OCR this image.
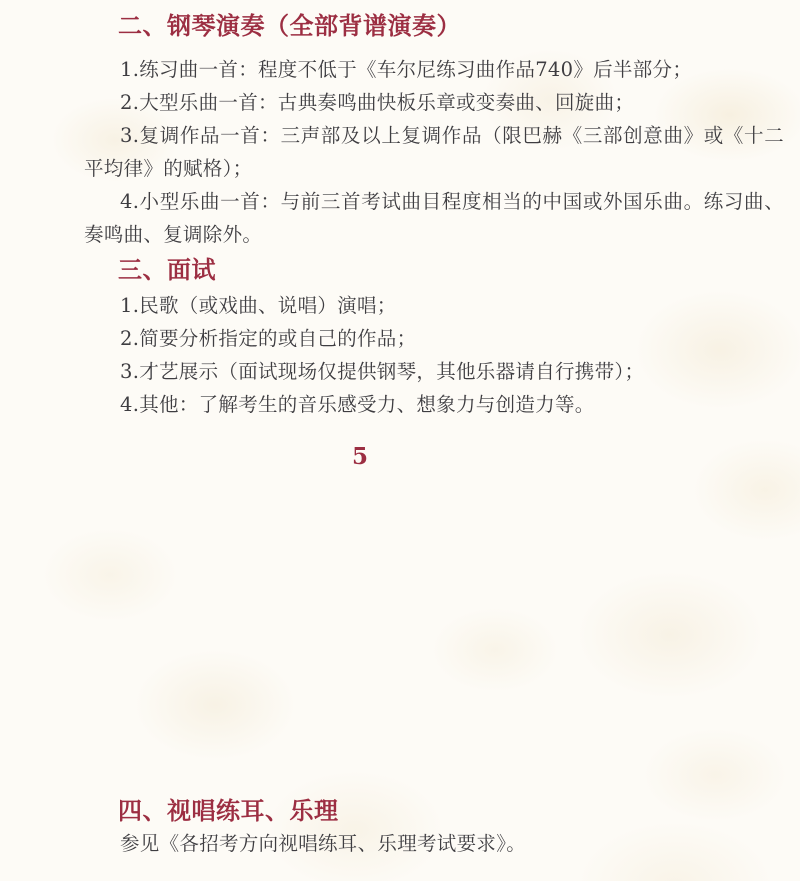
二、钢琴演奏（全部背谱演奏）

1.练习曲一首：程度不低于《车尔尼练习曲作品740》后半部分；

2.大型乐曲一首：古典奏鸣曲快板乐章或变奏曲、回旋曲；

3.复调作品一首：三声部及以上复调作品（限巴赫《三部创意曲》或《十二平均律》的赋格）；

4.小型乐曲一首：与前三首考试曲目程度相当的中国或外国乐曲。练习曲、奏鸣曲、复调除外。

三、面试

1.民歌（或戏曲、说唱）演唱；

2.简要分析指定的或自己的作品；

3.才艺展示（面试现场仅提供钢琴，其他乐器请自行携带）；

4.其他：了解考生的音乐感受力、想象力与创造力等。

5
四、视唱练耳、乐理

参见《各招考方向视唱练耳、乐理考试要求》。
